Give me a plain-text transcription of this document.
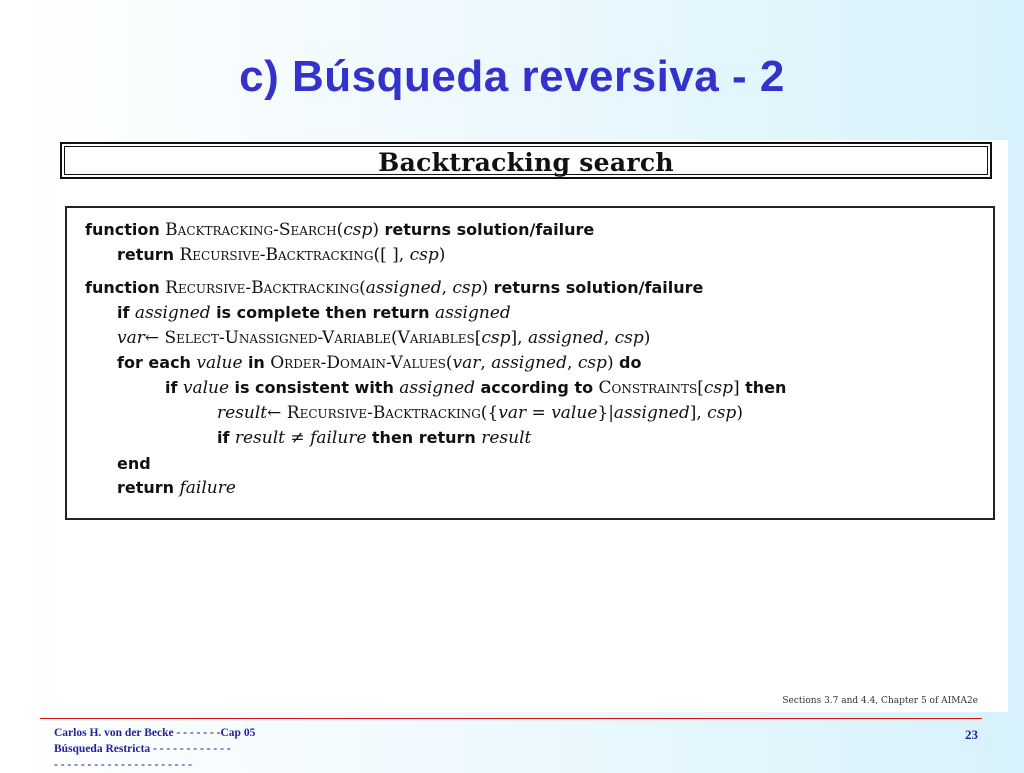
c) Búsqueda reversiva - 2
Backtracking search
function Backtracking-Search(csp) returns solution/failure
return Recursive-Backtracking([ ], csp)
function Recursive-Backtracking(assigned, csp) returns solution/failure
if assigned is complete then return assigned
var← Select-Unassigned-Variable(Variables[csp], assigned, csp)
for each value in Order-Domain-Values(var, assigned, csp) do
if value is consistent with assigned according to Constraints[csp] then
result← Recursive-Backtracking({var = value}|assigned], csp)
if result ≠ failure then return result
end
return failure
Sections 3.7 and 4.4, Chapter 5 of AIMA2e
Carlos H. von der Becke - - - - - - -Cap 05
Búsqueda Restricta - - - - - - - - - - - -
- - - - - - - - - - - - - - - - - - - - -
23
